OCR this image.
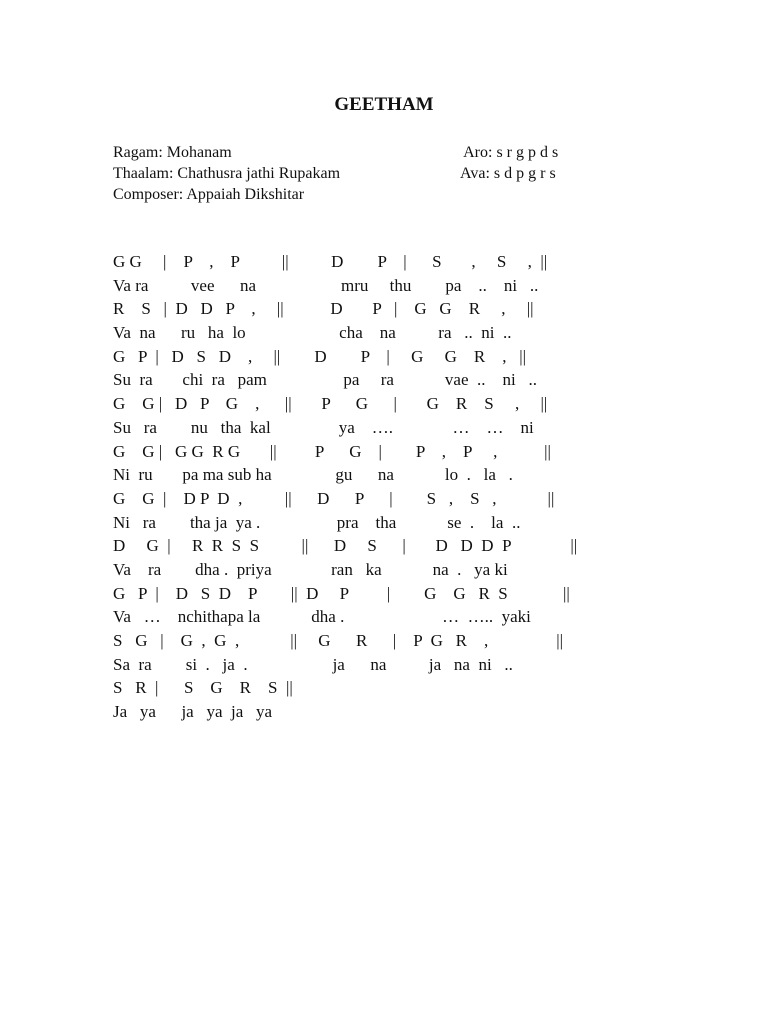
GEETHAM
Ragam: Mohanam
Thaalam: Chathusra jathi Rupakam
Composer: Appaiah Dikshitar
Aro: s r g p d s
Ava: s d p g r s
G G     |    P    ,    P          ||          D        P    |      S       ,     S     ,  ||
Va ra          vee      na                    mru     thu        pa    ..    ni   ..
R    S   |  D   D   P    ,     ||           D       P   |    G   G    R     ,     ||
Va  na      ru   ha  lo                      cha    na          ra   ..  ni  ..
G   P  |   D   S   D    ,     ||        D        P    |     G     G    R    ,   ||
Su  ra       chi  ra   pam                  pa     ra            vae  ..    ni   ..
G    G |   D   P    G    ,      ||       P      G      |       G    R    S     ,     ||
Su   ra        nu   tha  kal                ya    ….              …    …    ni
G    G |   G G  R G       ||         P      G    |        P    ,    P     ,           ||
Ni  ru       pa ma sub ha               gu      na            lo  .   la   .
G    G  |    D P  D  ,          ||      D      P      |        S   ,    S   ,            ||
Ni   ra        tha ja  ya .                  pra    tha            se  .    la  ..
D     G  |     R  R  S  S          ||      D     S      |       D   D  D  P              ||
Va    ra        dha .  priya              ran   ka            na  .   ya ki
G   P  |    D   S  D    P        ||  D     P         |        G    G   R  S             ||
Va   …    nchithapa la            dha .                       …  …..  yaki
S   G   |    G  ,  G  ,            ||     G      R      |    P  G   R    ,                ||
Sa  ra        si  .   ja  .                    ja      na          ja   na  ni   ..
S   R  |      S    G    R    S  ||
Ja   ya      ja   ya  ja   ya
